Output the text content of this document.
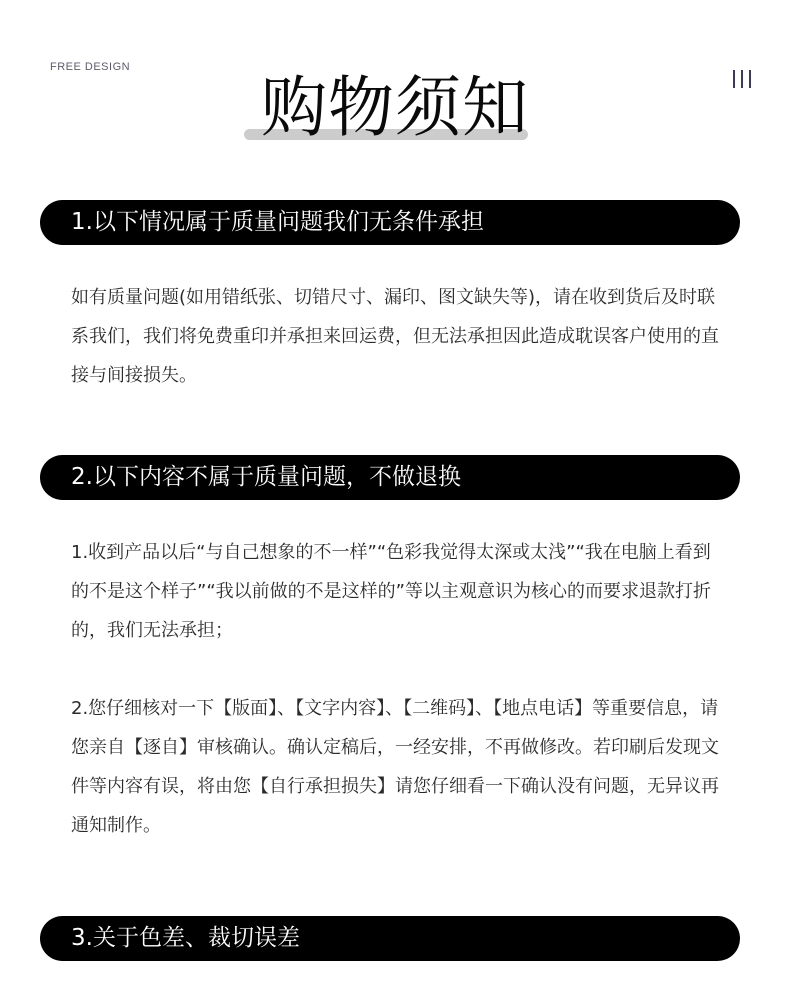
FREE DESIGN
购物须知
1.以下情况属于质量问题我们无条件承担

如有质量问题(如用错纸张、切错尺寸、漏印、图文缺失等)，请在收到货后及时联系我们，我们将免费重印并承担来回运费，但无法承担因此造成耽误客户使用的直接与间接损失。

2.以下内容不属于质量问题，不做退换

1.收到产品以后“与自己想象的不一样”“色彩我觉得太深或太浅”“我在电脑上看到的不是这个样子”“我以前做的不是这样的”等以主观意识为核心的而要求退款打折的，我们无法承担；

2.您仔细核对一下【版面】、【文字内容】、【二维码】、【地点电话】等重要信息，请您亲自【逐自】审核确认。确认定稿后，一经安排，不再做修改。若印刷后发现文件等内容有误，将由您【自行承担损失】请您仔细看一下确认没有问题，无异议再通知制作。

3.关于色差、裁切误差
